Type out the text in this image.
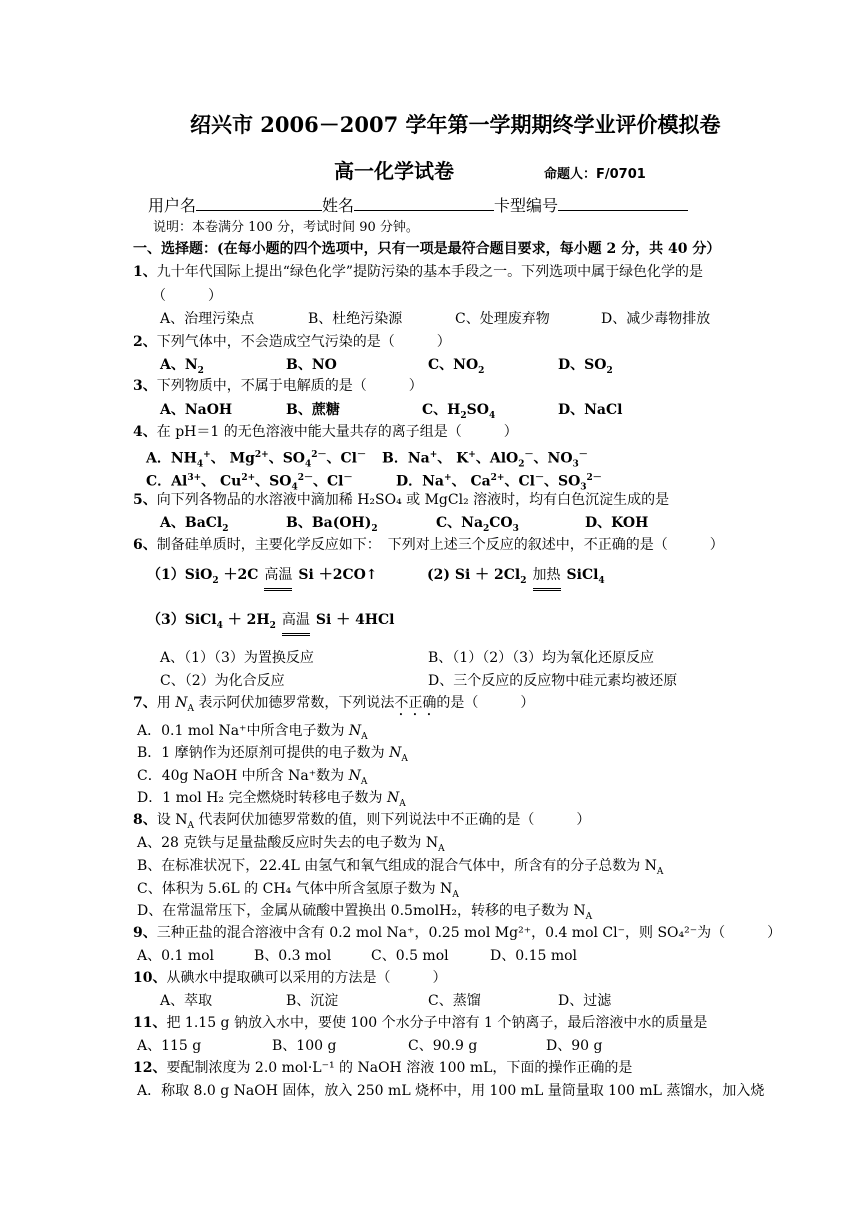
绍兴市 2006－2007 学年第一学期期终学业评价模拟卷
高一化学试卷	命题人：F/0701
用户名	姓名	卡型编号
说明：本卷满分 100 分，考试时间 90 分钟。
一、选择题：(在每小题的四个选项中，只有一项是最符合题目要求，每小题 2 分，共 40 分）
1、九十年代国际上提出“绿色化学”提防污染的基本手段之一。下列选项中属于绿色化学的是
（　　　）
A、治理污染点	B、杜绝污染源	C、处理废弃物	D、减少毒物排放
2、下列气体中，不会造成空气污染的是（　　　）
A、$N_2$	B、NO	C、$NO_2$	D、$SO_2$
3、下列物质中，不属于电解质的是（　　　）
A、NaOH	B、蔗糖	C、$H_2SO_4$	D、NaCl
4、在 pH＝1 的无色溶液中能大量共存的离子组是（　　　）
A．$NH_4^+$、 $Mg^{2+}$、$SO_4^{2-}$、Cl－ B．Na+、 K+、AlO$_2$－、$NO_3^-$
C．$Al^{3+}$、 $Cu^{2+}$、$SO_4^{2-}$、Cl－	D．Na+、 $Ca^{2+}$、Cl－、$SO_3^{2-}$
5、向下列各物品的水溶液中滴加稀 H₂SO₄ 或 MgCl₂ 溶液时，均有白色沉淀生成的是
A、BaCl$_2$	B、$Ba(OH)_2$	C、$Na_2CO_3$	D、KOH
6、制备硅单质时，主要化学反应如下：　下列对上述三个反应的叙述中，不正确的是（　　　）
（1）SiO$_2$ ＋2C 高温 Si ＋2CO↑	(2) $Si + 2Cl_2$ 加热 SiCl$_4$
（3）SiCl$_4$ ＋ $2H_2$ 高温 Si ＋ 4HCl
A、（1）（3）为置换反应	B、（1）（2）（3）均为氧化还原反应
C、（2）为化合反应	D、三个反应的反应物中硅元素均被还原
7、用 $N_A$ 表示阿伏加德罗常数，下列说法不正确的是（　　　）
A．0.1 mol Na⁺中所含电子数为 $N_A$
B．1 摩钠作为还原剂可提供的电子数为 $N_A$
C．40g NaOH 中所含 Na⁺数为 $N_A$
D．1 mol H₂ 完全燃烧时转移电子数为 $N_A$
8、设 $N_A$ 代表阿伏加德罗常数的值，则下列说法中不正确的是（　　　）
A、28 克铁与足量盐酸反应时失去的电子数为 $N_A$
B、在标准状况下，22.4L 由氢气和氧气组成的混合气体中，所含有的分子总数为 $N_A$
C、体积为 5.6L 的 CH₄ 气体中所含氢原子数为 $N_A$
D、在常温常压下，金属从硫酸中置换出 0.5molH₂，转移的电子数为 $N_A$
9、三种正盐的混合溶液中含有 0.2 mol Na⁺，0.25 mol Mg²⁺，0.4 mol Cl⁻，则 SO₄²⁻为（　　　）
A、0.1 mol	B、0.3 mol	C、0.5 mol	D、0.15 mol
10、从碘水中提取碘可以采用的方法是（　　　）
A、萃取	B、沉淀	C、蒸馏	D、过滤
11、把 1.15 g 钠放入水中，要使 100 个水分子中溶有 1 个钠离子，最后溶液中水的质量是
A、115 g	B、100 g	C、90.9 g	D、90 g
12、要配制浓度为 2.0 mol·L⁻¹ 的 NaOH 溶液 100 mL，下面的操作正确的是
A．称取 8.0 g NaOH 固体，放入 250 mL 烧杯中，用 100 mL 量筒量取 100 mL 蒸馏水，加入烧
